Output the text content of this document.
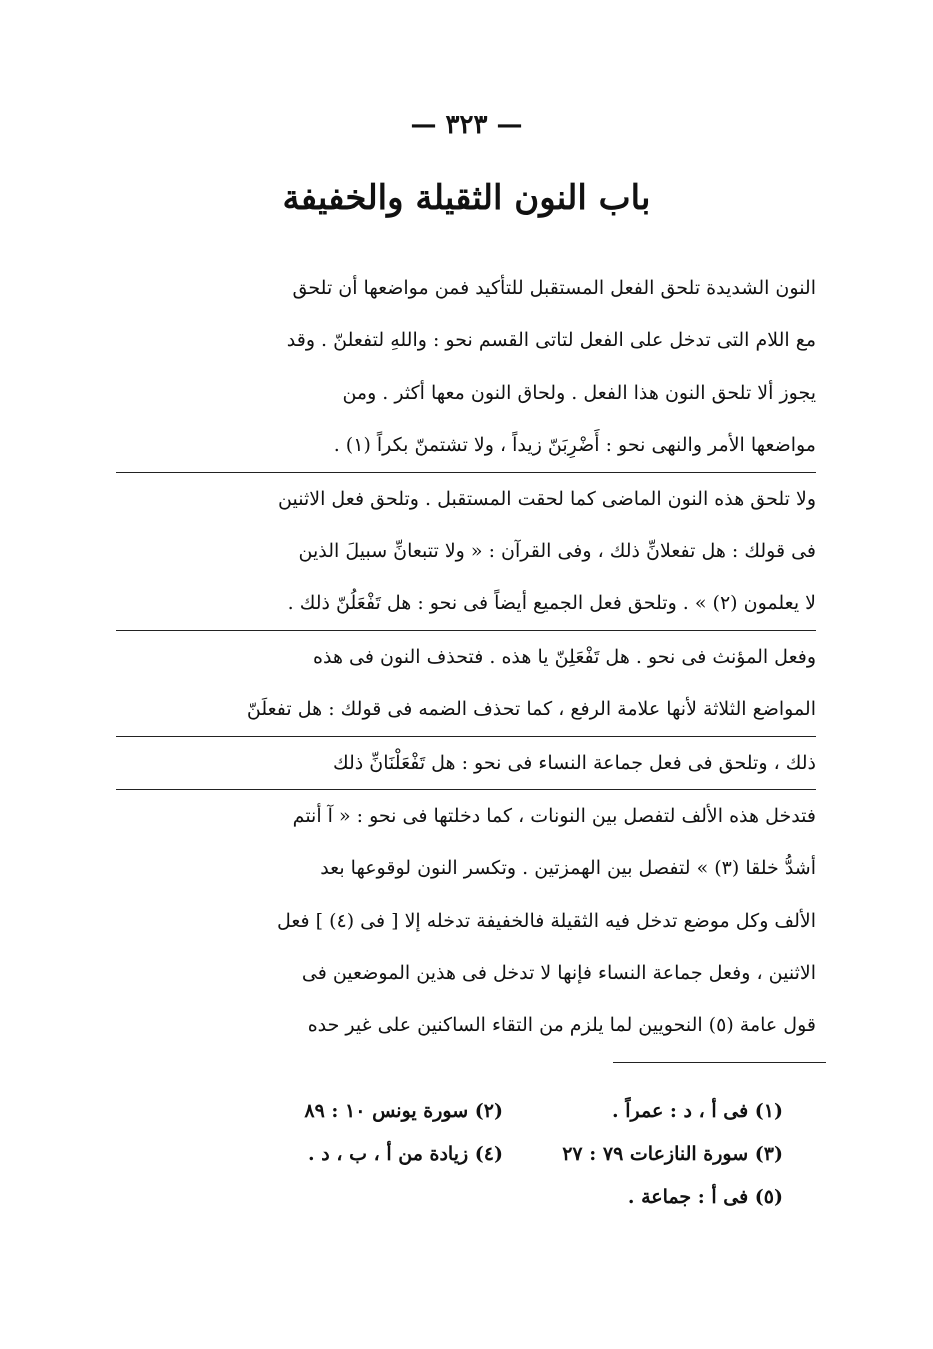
— ٣٢٣ —
باب النون الثقيلة والخفيفة
النون الشديدة تلحق الفعل المستقبل للتأكيد فمن مواضعها أن تلحق
مع اللام التى تدخل على الفعل لتاتى القسم نحو : واللهِ لتفعلنّ . وقد
يجوز ألا تلحق النون هذا الفعل . ولحاق النون معها أكثر . ومن
مواضعها الأمر والنهى نحو : أَضْرِبَنّ زيداً ، ولا تشتمنّ بكراً (١) .
ولا تلحق هذه النون الماضى كما لحقت المستقبل . وتلحق فعل الاثنين
فى قولك : هل تفعلانِّ ذلك ، وفى القرآن : « ولا تتبعانِّ سبيلَ الذين
لا يعلمون (٢) » . وتلحق فعل الجميع أيضاً فى نحو : هل تَفْعَلُنّ ذلك .
وفعل المؤنث فى نحو . هل تَفْعَلِنّ يا هذه . فتحذف النون فى هذه
المواضع الثلاثة لأنها علامة الرفع ، كما تحذف الضمه فى قولك : هل تفعلَنّ
ذلك ، وتلحق فى فعل جماعة النساء فى نحو : هل تَفْعَلْنَانِّ ذلك
فتدخل هذه الألف لتفصل بين النونات ، كما دخلتها فى نحو : « آ أنتم
أشدُّ خلقا (٣) » لتفصل بين الهمزتين . وتكسر النون لوقوعها بعد
الألف وكل موضع تدخل فيه الثقيلة فالخفيفة تدخله إلا [ فى (٤) ] فعل
الاثنين ، وفعل جماعة النساء فإنها لا تدخل فى هذين الموضعين فى
قول عامة (٥) النحويين لما يلزم من التقاء الساكنين على غير حده
(١) فى أ ، د : عمراً .
(٢) سورة يونس ١٠ : ٨٩
(٣) سورة النازعات ٧٩ : ٢٧
(٤) زيادة من أ ، ب ، د .
(٥) فى أ : جماعة .
